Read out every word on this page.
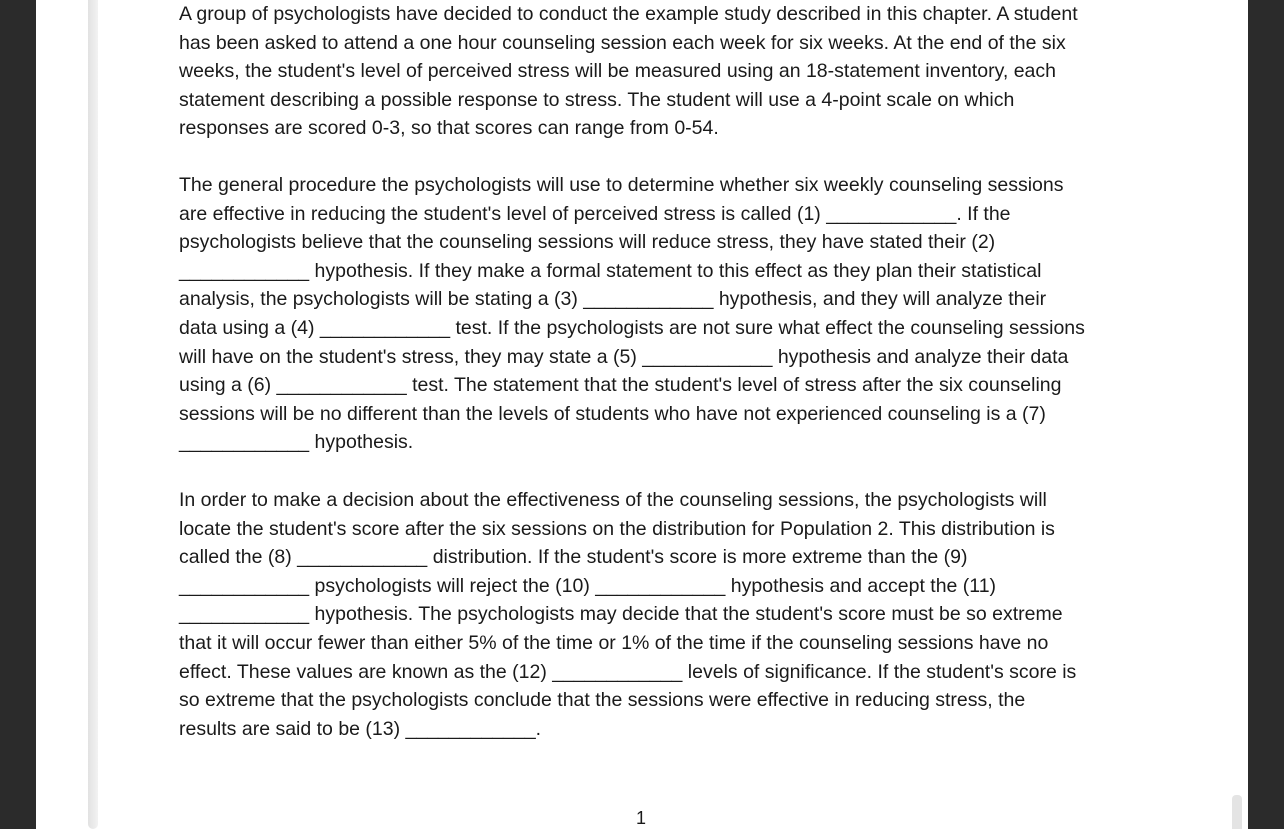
A group of psychologists have decided to conduct the example study described in this chapter. A student
has been asked to attend a one hour counseling session each week for six weeks. At the end of the six
weeks, the student's level of perceived stress will be measured using an 18-statement inventory, each
statement describing a possible response to stress. The student will use a 4-point scale on which
responses are scored 0-3, so that scores can range from 0-54.

The general procedure the psychologists will use to determine whether six weekly counseling sessions
are effective in reducing the student's level of perceived stress is called (1) ____________. If the
psychologists believe that the counseling sessions will reduce stress, they have stated their (2)
____________ hypothesis. If they make a formal statement to this effect as they plan their statistical
analysis, the psychologists will be stating a (3) ____________ hypothesis, and they will analyze their
data using a (4) ____________ test. If the psychologists are not sure what effect the counseling sessions
will have on the student's stress, they may state a (5) ____________ hypothesis and analyze their data
using a (6) ____________ test. The statement that the student's level of stress after the six counseling
sessions will be no different than the levels of students who have not experienced counseling is a (7)
____________ hypothesis.

In order to make a decision about the effectiveness of the counseling sessions, the psychologists will
locate the student's score after the six sessions on the distribution for Population 2. This distribution is
called the (8) ____________ distribution. If the student's score is more extreme than the (9)
____________ psychologists will reject the (10) ____________ hypothesis and accept the (11)
____________ hypothesis. The psychologists may decide that the student's score must be so extreme
that it will occur fewer than either 5% of the time or 1% of the time if the counseling sessions have no
effect. These values are known as the (12) ____________ levels of significance. If the student's score is
so extreme that the psychologists conclude that the sessions were effective in reducing stress, the
results are said to be (13) ____________.

1
